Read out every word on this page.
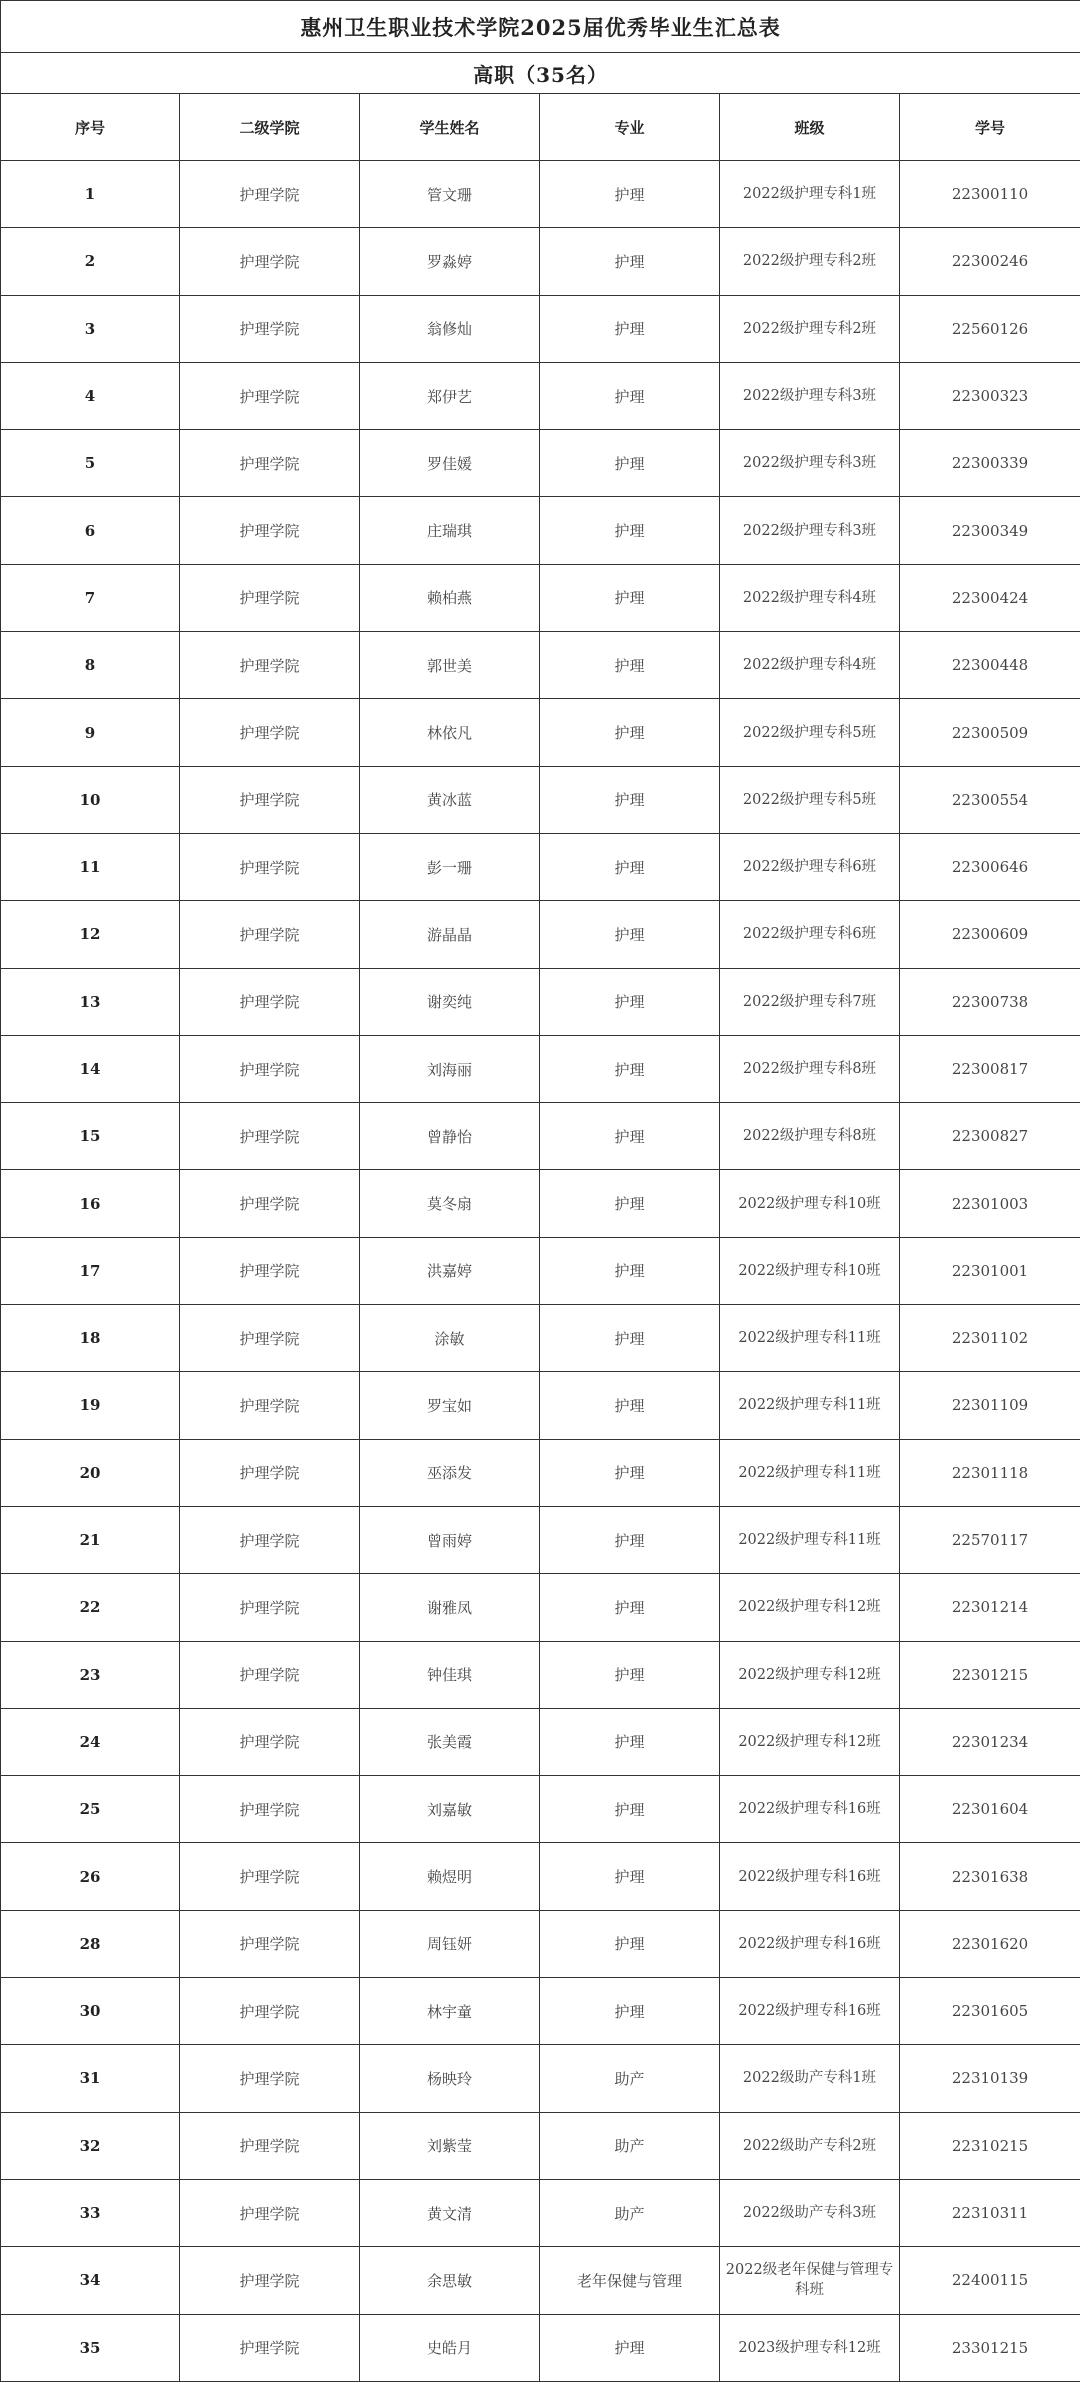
惠州卫生职业技术学院2025届优秀毕业生汇总表					
高职（35名）					
序号	二级学院	学生姓名	专业	班级	学号
1	护理学院	管文珊	护理	2022级护理专科1班	22300110
2	护理学院	罗淼婷	护理	2022级护理专科2班	22300246
3	护理学院	翁修灿	护理	2022级护理专科2班	22560126
4	护理学院	郑伊艺	护理	2022级护理专科3班	22300323
5	护理学院	罗佳媛	护理	2022级护理专科3班	22300339
6	护理学院	庄瑞琪	护理	2022级护理专科3班	22300349
7	护理学院	赖柏燕	护理	2022级护理专科4班	22300424
8	护理学院	郭世美	护理	2022级护理专科4班	22300448
9	护理学院	林依凡	护理	2022级护理专科5班	22300509
10	护理学院	黄冰蓝	护理	2022级护理专科5班	22300554
11	护理学院	彭一珊	护理	2022级护理专科6班	22300646
12	护理学院	游晶晶	护理	2022级护理专科6班	22300609
13	护理学院	谢奕纯	护理	2022级护理专科7班	22300738
14	护理学院	刘海丽	护理	2022级护理专科8班	22300817
15	护理学院	曾静怡	护理	2022级护理专科8班	22300827
16	护理学院	莫冬扇	护理	2022级护理专科10班	22301003
17	护理学院	洪嘉婷	护理	2022级护理专科10班	22301001
18	护理学院	涂敏	护理	2022级护理专科11班	22301102
19	护理学院	罗宝如	护理	2022级护理专科11班	22301109
20	护理学院	巫添发	护理	2022级护理专科11班	22301118
21	护理学院	曾雨婷	护理	2022级护理专科11班	22570117
22	护理学院	谢雅凤	护理	2022级护理专科12班	22301214
23	护理学院	钟佳琪	护理	2022级护理专科12班	22301215
24	护理学院	张美霞	护理	2022级护理专科12班	22301234
25	护理学院	刘嘉敏	护理	2022级护理专科16班	22301604
26	护理学院	赖煜明	护理	2022级护理专科16班	22301638
28	护理学院	周钰妍	护理	2022级护理专科16班	22301620
30	护理学院	林宇童	护理	2022级护理专科16班	22301605
31	护理学院	杨映玲	助产	2022级助产专科1班	22310139
32	护理学院	刘紫莹	助产	2022级助产专科2班	22310215
33	护理学院	黄文清	助产	2022级助产专科3班	22310311
34	护理学院	余思敏	老年保健与管理	2022级老年保健与管理专科班	22400115
35	护理学院	史皓月	护理	2023级护理专科12班	23301215
